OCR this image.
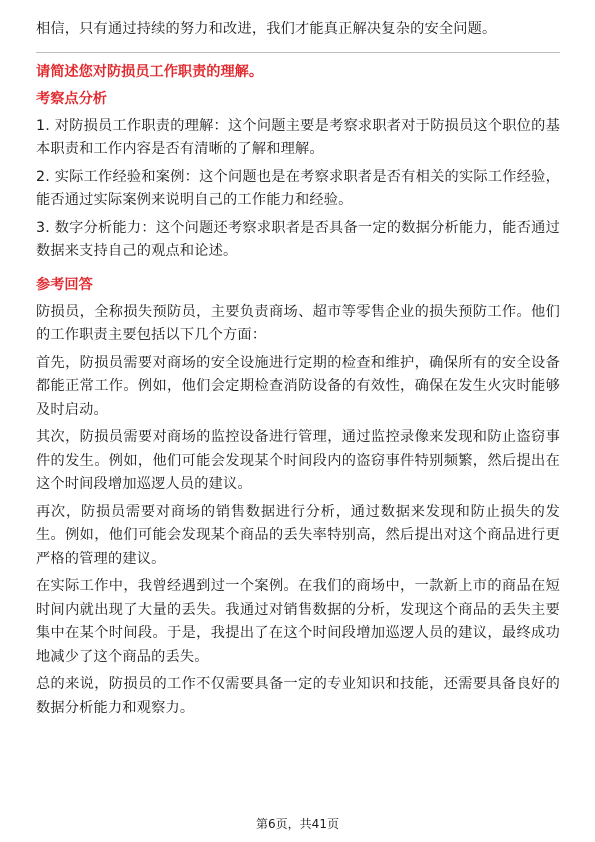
相信，只有通过持续的努力和改进，我们才能真正解决复杂的安全问题。

请简述您对防损员工作职责的理解。

考察点分析

1. 对防损员工作职责的理解：这个问题主要是考察求职者对于防损员这个职位的基本职责和工作内容是否有清晰的了解和理解。

2. 实际工作经验和案例：这个问题也是在考察求职者是否有相关的实际工作经验，能否通过实际案例来说明自己的工作能力和经验。

3. 数字分析能力：这个问题还考察求职者是否具备一定的数据分析能力，能否通过数据来支持自己的观点和论述。

参考回答

防损员，全称损失预防员，主要负责商场、超市等零售企业的损失预防工作。他们的工作职责主要包括以下几个方面：

首先，防损员需要对商场的安全设施进行定期的检查和维护，确保所有的安全设备都能正常工作。例如，他们会定期检查消防设备的有效性，确保在发生火灾时能够及时启动。

其次，防损员需要对商场的监控设备进行管理，通过监控录像来发现和防止盗窃事件的发生。例如，他们可能会发现某个时间段内的盗窃事件特别频繁，然后提出在这个时间段增加巡逻人员的建议。

再次，防损员需要对商场的销售数据进行分析，通过数据来发现和防止损失的发生。例如，他们可能会发现某个商品的丢失率特别高，然后提出对这个商品进行更严格的管理的建议。

在实际工作中，我曾经遇到过一个案例。在我们的商场中，一款新上市的商品在短时间内就出现了大量的丢失。我通过对销售数据的分析，发现这个商品的丢失主要集中在某个时间段。于是，我提出了在这个时间段增加巡逻人员的建议，最终成功地减少了这个商品的丢失。

总的来说，防损员的工作不仅需要具备一定的专业知识和技能，还需要具备良好的数据分析能力和观察力。

第6页，共41页
